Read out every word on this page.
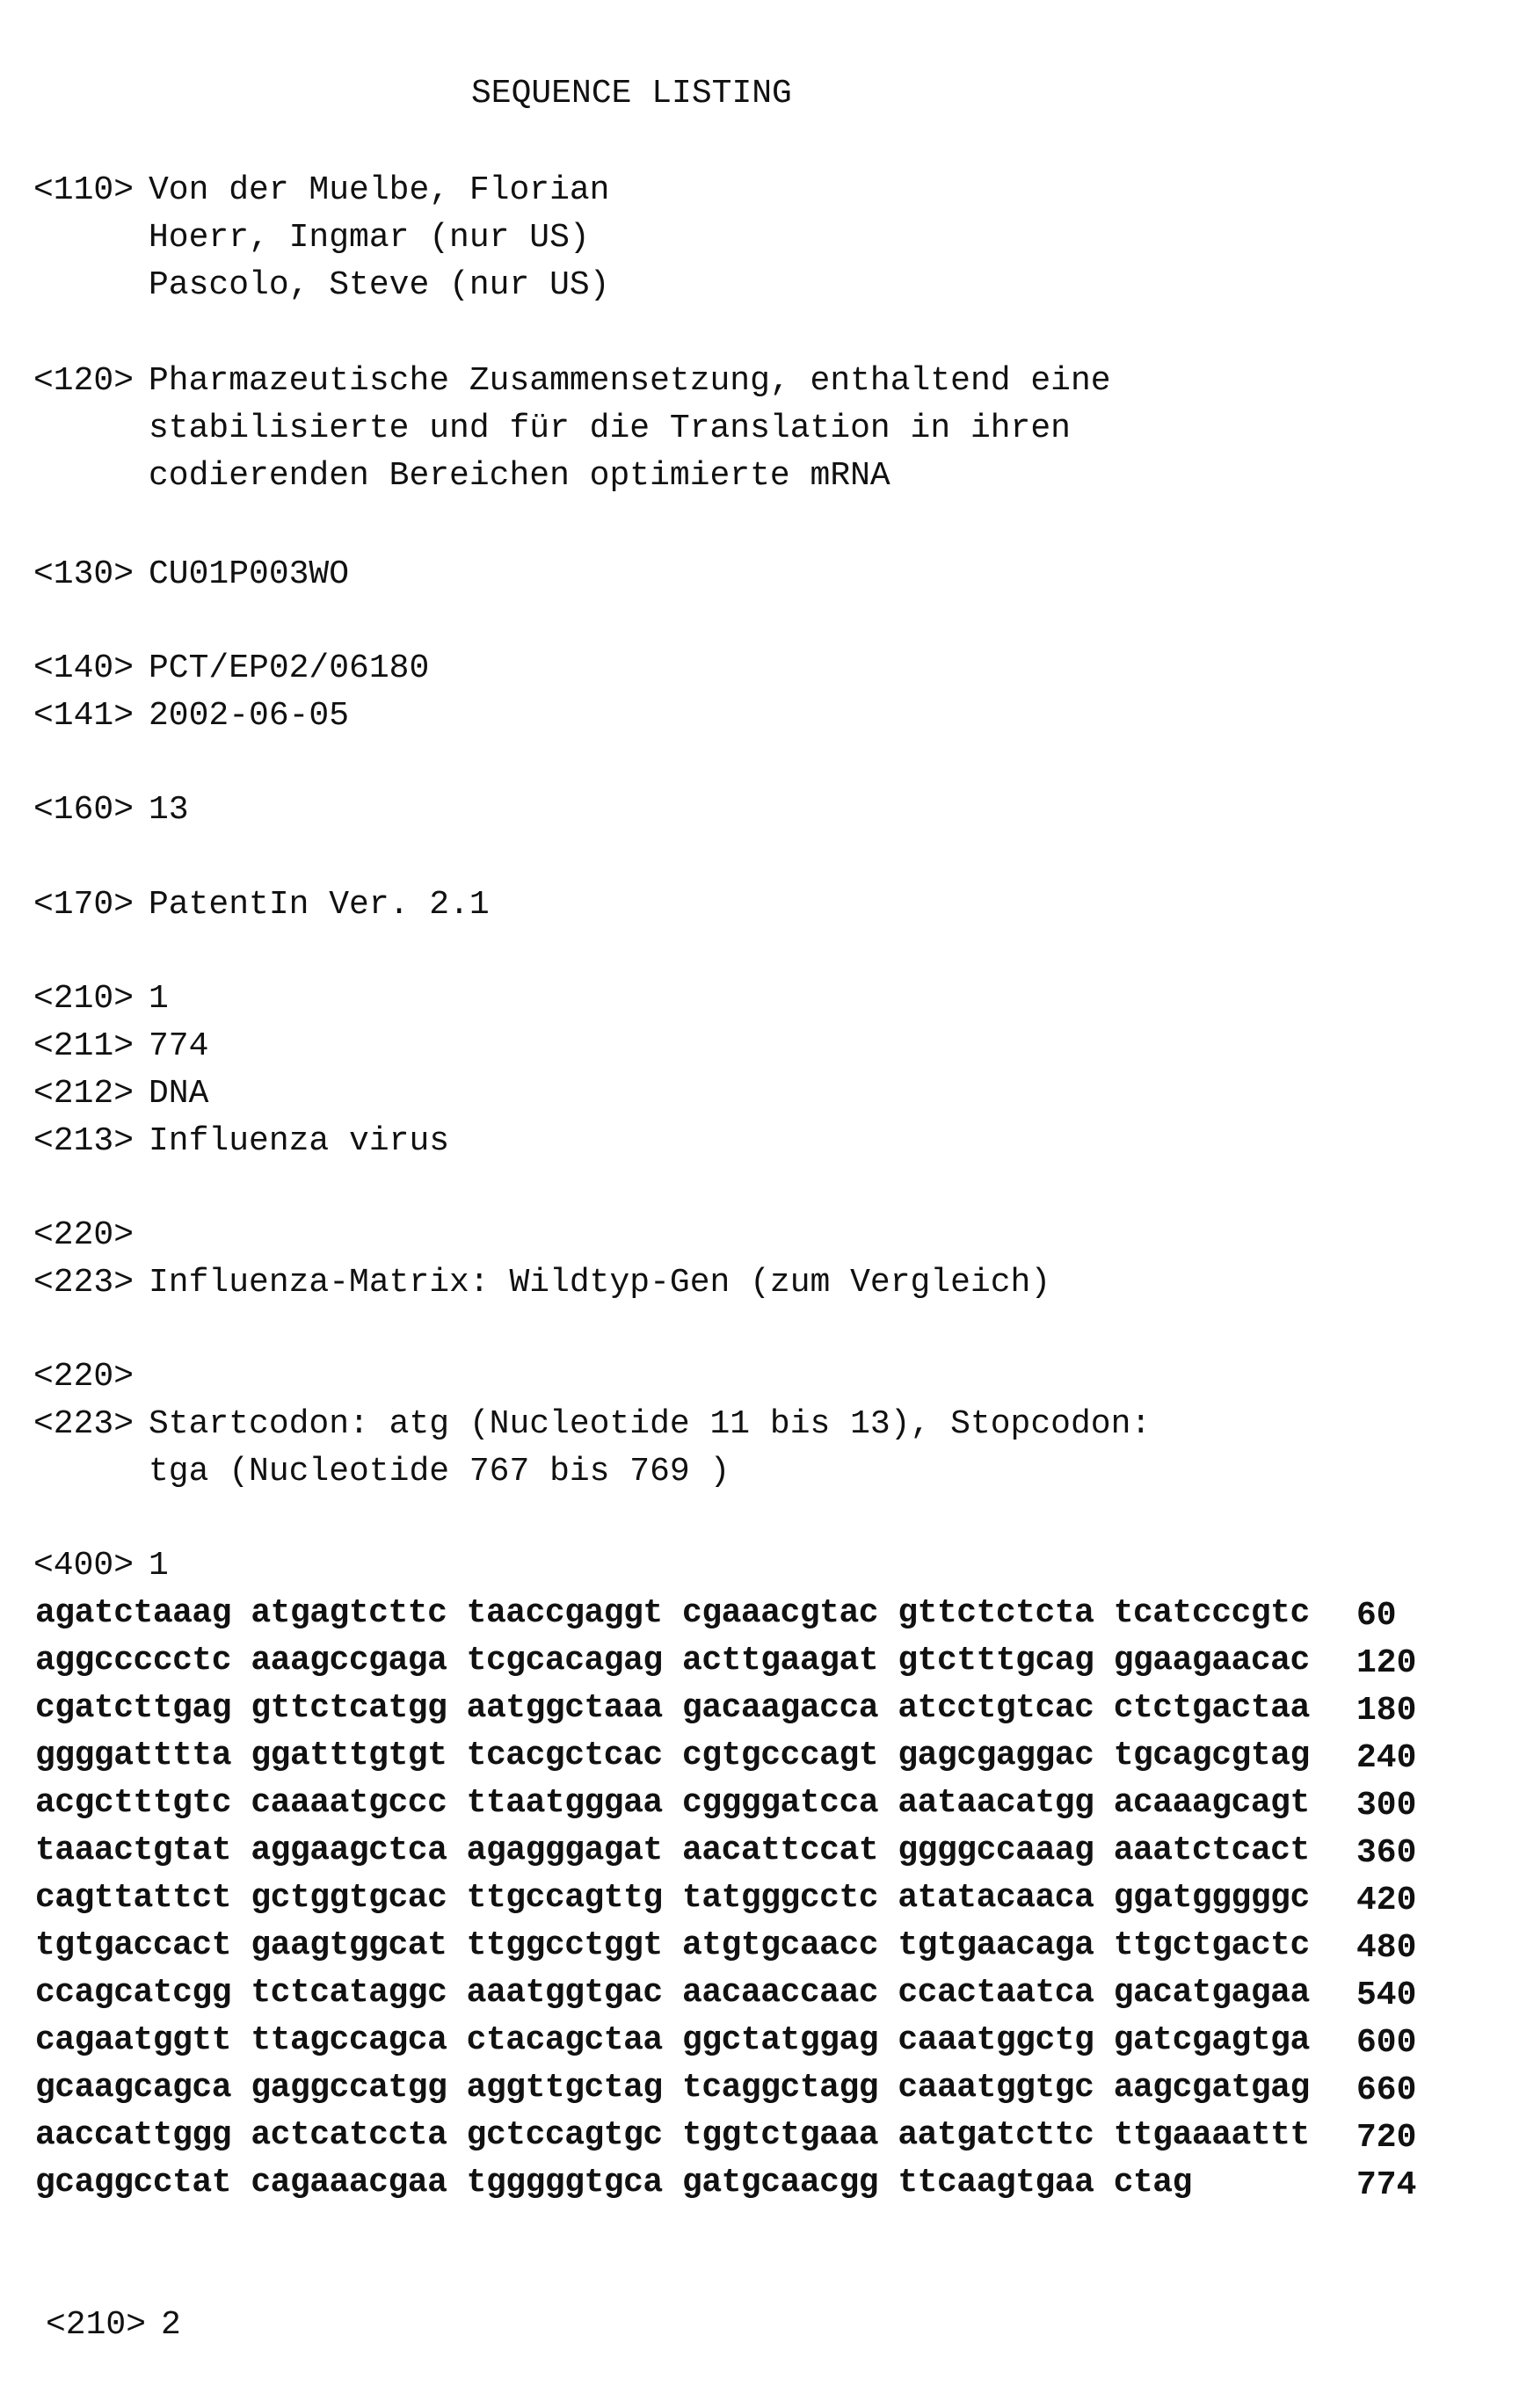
SEQUENCE LISTING
<110> Von der Muelbe, Florian
Hoerr, Ingmar (nur US)
Pascolo, Steve (nur US)
<120> Pharmazeutische Zusammensetzung, enthaltend eine
stabilisierte und für die Translation in ihren
codierenden Bereichen optimierte mRNA
<130> CU01P003WO
<140> PCT/EP02/06180
<141> 2002-06-05
<160> 13
<170> PatentIn Ver. 2.1
<210> 1
<211> 774
<212> DNA
<213> Influenza virus
<220>
<223> Influenza-Matrix: Wildtyp-Gen (zum Vergleich)
<220>
<223> Startcodon: atg (Nucleotide 11 bis 13), Stopcodon:
tga (Nucleotide 767 bis 769 )
<400> 1
agatctaaag atgagtcttc taaccgaggt cgaaacgtac gttctctcta tcatcccgtc 60
aggccccctc aaagccgaga tcgcacagag acttgaagat gtctttgcag ggaagaacac 120
cgatcttgag gttctcatgg aatggctaaa gacaagacca atcctgtcac ctctgactaa 180
ggggatttta ggatttgtgt tcacgctcac cgtgcccagt gagcgaggac tgcagcgtag 240
acgctttgtc caaaatgccc ttaatgggaa cggggatcca aataacatgg acaaagcagt 300
taaactgtat aggaagctca agagggagat aacattccat ggggccaaag aaatctcact 360
cagttattct gctggtgcac ttgccagttg tatgggcctc atatacaaca ggatgggggc 420
tgtgaccact gaagtggcat ttggcctggt atgtgcaacc tgtgaacaga ttgctgactc 480
ccagcatcgg tctcataggc aaatggtgac aacaaccaac ccactaatca gacatgagaa 540
cagaatggtt ttagccagca ctacagctaa ggctatggag caaatggctg gatcgagtga 600
gcaagcagca gaggccatgg aggttgctag tcaggctagg caaatggtgc aagcgatgag 660
aaccattggg actcatccta gctccagtgc tggtctgaaa aatgatcttc ttgaaaattt 720
gcaggcctat cagaaacgaa tgggggtgca gatgcaacgg ttcaagtgaa ctag	774
<210> 2
